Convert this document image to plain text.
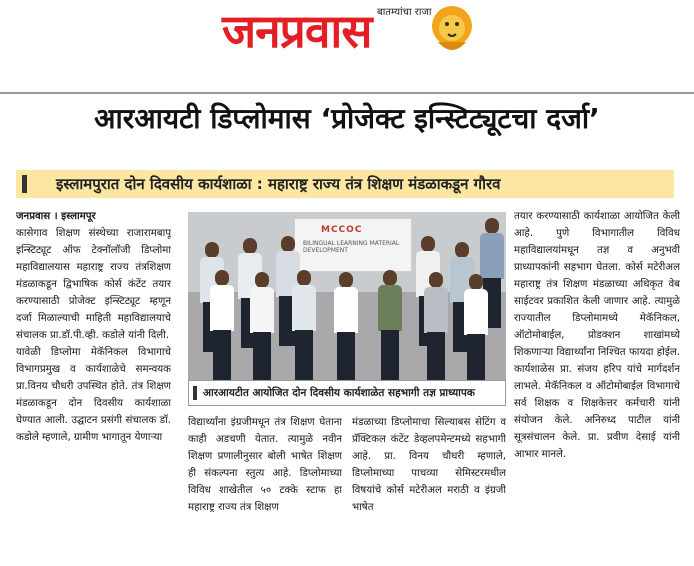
बातम्यांचा राजा
जनप्रवास
आरआयटी डिप्लोमास ‘प्रोजेक्ट इन्स्टिट्यूटचा दर्जा’
इस्लामपुरात दोन दिवसीय कार्यशाळा : महाराष्ट्र राज्य तंत्र शिक्षण मंडळाकडून गौरव

जनप्रवास । इस्लामपूर

कासेगाव शिक्षण संस्थेच्या राजारामबापू इन्स्टिट्यूट ऑफ टेक्नॉलॉजी डिप्लोमा महाविद्यालयास महाराष्ट्र राज्य तंत्रशिक्षण मंडळाकडून द्विभाषिक कोर्स कंटेंट तयार करण्यासाठी प्रोजेक्ट इन्स्टिट्यूट म्हणून दर्जा मिळाल्याची माहिती महाविद्यालयाचे संचालक प्रा.डॉ.पी.व्ही. कडोले यांनी दिली.

यावेळी डिप्लोमा मेकॅनिकल विभागाचे विभागप्रमुख व कार्यशाळेचे समन्वयक प्रा.विनय चौधरी उपस्थित होते. तंत्र शिक्षण मंडळाकडून दोन दिवसीय कार्यशाळा घेण्यात आली. उद्घाटन प्रसंगी संचालक डॉ. कडोले म्हणाले, ग्रामीण भागातून येणाऱ्या

MCCOC
BILINGUAL LEARNING MATERIAL DEVELOPMENT
आरआयटीत आयोजित दोन दिवसीय कार्यशाळेत सहभागी तज्ञ प्राध्यापक

विद्यार्थ्यांना इंग्रजीमधून तंत्र शिक्षण घेताना काही अडचणी येतात. त्यामुळे नवीन शिक्षण प्रणालीनुसार बोली भाषेत शिक्षण ही संकल्पना स्तुत्य आहे. डिप्लोमाच्या विविध शाखेतील ५० टक्के स्टाफ हा महाराष्ट्र राज्य तंत्र शिक्षण

मंडळाच्या डिप्लोमाचा सिल्याबस सेटिंग व प्रॅक्टिकल कंटेंट डेव्हलपमेन्टमध्ये सहभागी आहे. प्रा. विनय चौधरी म्हणाले, डिप्लोमाच्या पाचव्या सेमिस्टरमधील विषयांचे कोर्स मटेरीअल मराठी व इंग्रजी भाषेत

तयार करण्यासाठी कार्यशाळा आयोजित केली आहे. पुणे विभागातील विविध महाविद्यालयांमधून तज्ञ व अनुभवी प्राध्यापकांनी सहभाग घेतला. कोर्स मटेरीअल महाराष्ट्र तंत्र शिक्षण मंडळाच्या अधिकृत वेब साईटवर प्रकाशित केली जाणार आहे. त्यामुळे राज्यातील डिप्लोमामध्ये मेकॅनिकल, ऑटोमोबाईल, प्रोडक्शन शाखांमध्ये शिकणाऱ्या विद्यार्थ्यांना निश्चित फायदा होईल. कार्यशाळेस प्रा. संजय हरिप यांचे मार्गदर्शन लाभले. मेकॅनिकल व ऑटोमोबाईल विभागाचे सर्व शिक्षक व शिक्षकेत्तर कर्मचारी यांनी संयोजन केले. अनिरुध्द पाटील यांनी सूत्रसंचालन केले. प्रा. प्रवीण देसाई यांनी आभार मानले.
